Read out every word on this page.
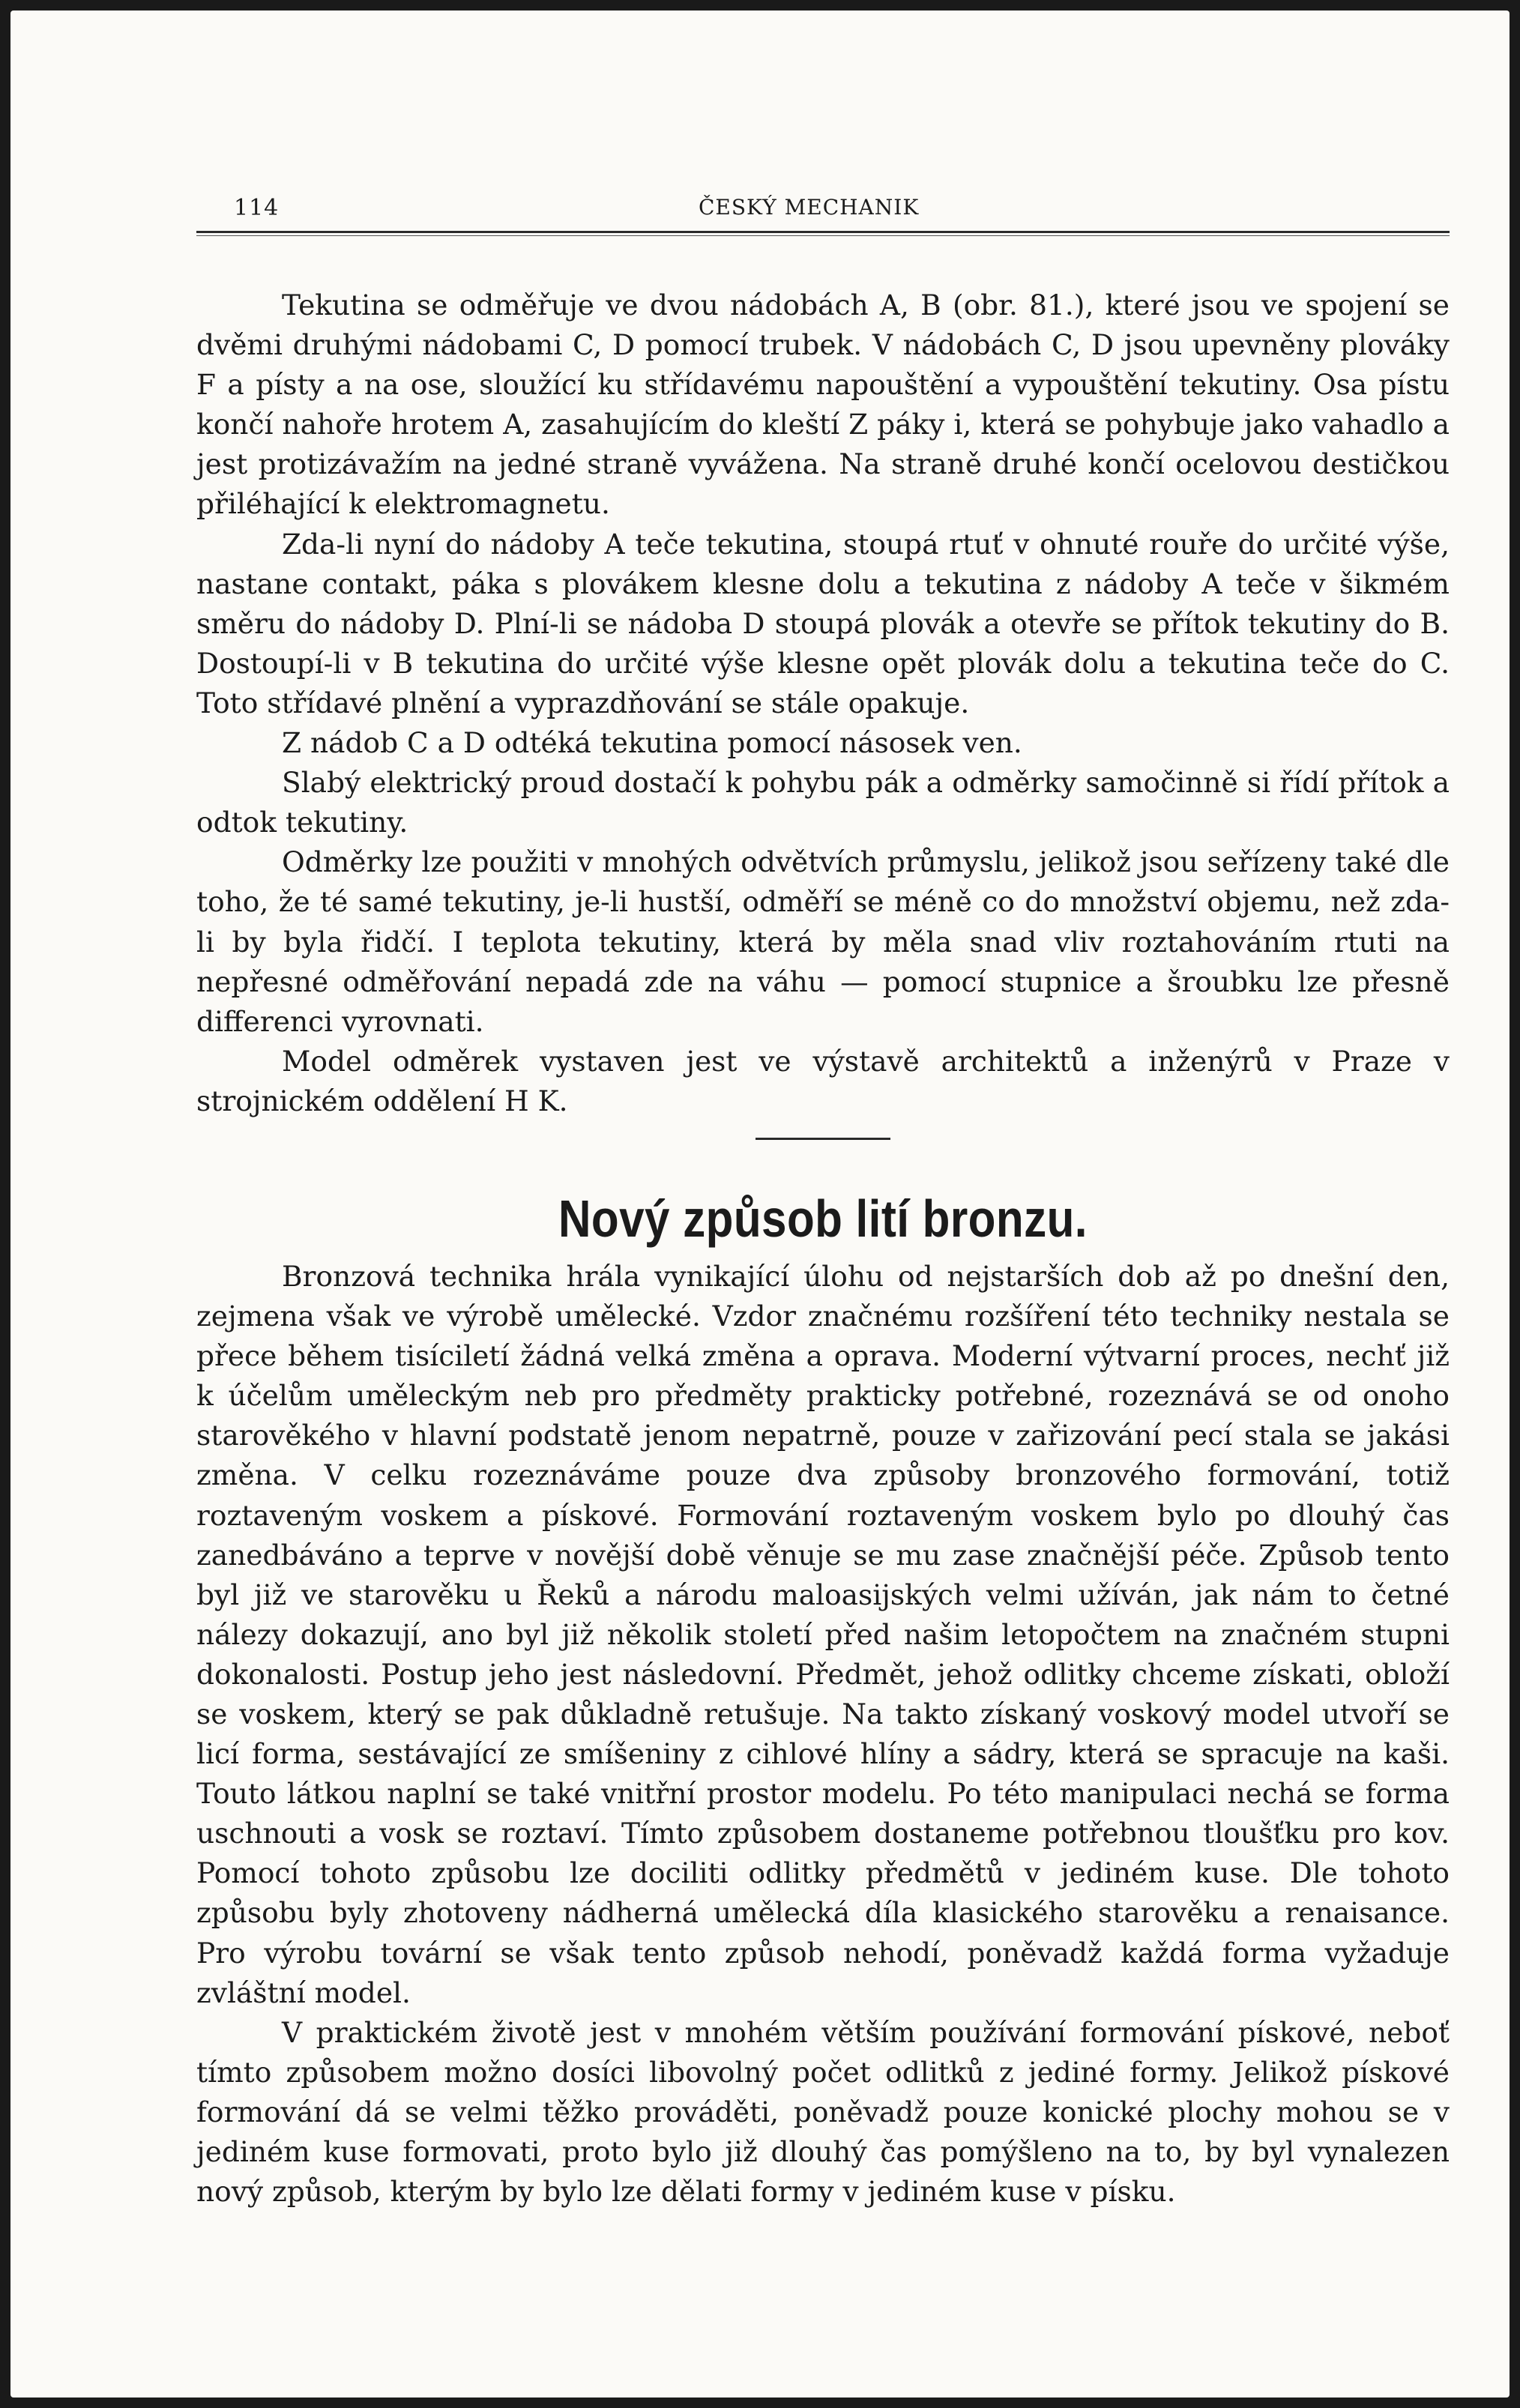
114	ČESKÝ MECHANIK

Tekutina se odměřuje ve dvou nádobách A, B (obr. 81.), které jsou ve spojení se dvěmi druhými nádobami C, D pomocí trubek. V nádobách C, D jsou upevněny plováky F a písty a na ose, sloužící ku střídavému napouštění a vypouštění tekutiny. Osa pístu končí nahoře hrotem A, zasahujícím do kleští Z páky i, která se pohybuje jako vahadlo a jest protizávažím na jedné straně vyvážena. Na straně druhé končí ocelovou destičkou přiléhající k elektromagnetu.

Zda-li nyní do nádoby A teče tekutina, stoupá rtuť v ohnuté rouře do určité výše, nastane contakt, páka s plovákem klesne dolu a tekutina z nádoby A teče v šikmém směru do nádoby D. Plní-li se nádoba D stoupá plovák a otevře se přítok tekutiny do B. Dostoupí-li v B tekutina do určité výše klesne opět plovák dolu a tekutina teče do C. Toto střídavé plnění a vyprazdňování se stále opakuje.

Z nádob C a D odtéká tekutina pomocí násosek ven.

Slabý elektrický proud dostačí k pohybu pák a odměrky samočinně si řídí přítok a odtok tekutiny.

Odměrky lze použiti v mnohých odvětvích průmyslu, jelikož jsou seřízeny také dle toho, že té samé tekutiny, je-li hustší, odměří se méně co do množství objemu, než zda-li by byla řidčí. I teplota tekutiny, která by měla snad vliv roztahováním rtuti na nepřesné odměřování nepadá zde na váhu — pomocí stupnice a šroubku lze přesně differenci vyrovnati.

Model odměrek vystaven jest ve výstavě architektů a inženýrů v Praze v strojnickém oddělení H K.

Nový způsob lití bronzu.

Bronzová technika hrála vynikající úlohu od nejstarších dob až po dnešní den, zejmena však ve výrobě umělecké. Vzdor značnému rozšíření této techniky nestala se přece během tisíciletí žádná velká změna a oprava. Moderní výtvarní proces, nechť již k účelům uměleckým neb pro předměty prakticky potřebné, rozeznává se od onoho starověkého v hlavní podstatě jenom nepatrně, pouze v zařizování pecí stala se jakási změna. V celku rozeznáváme pouze dva způsoby bronzového formování, totiž roztaveným voskem a pískové. Formování roztaveným voskem bylo po dlouhý čas zanedbáváno a teprve v novější době věnuje se mu zase značnější péče. Způsob tento byl již ve starověku u Řeků a národu maloasijských velmi užíván, jak nám to četné nálezy dokazují, ano byl již několik století před našim letopočtem na značném stupni dokonalosti. Postup jeho jest následovní. Předmět, jehož odlitky chceme získati, obloží se voskem, který se pak důkladně retušuje. Na takto získaný voskový model utvoří se licí forma, sestávající ze smíšeniny z cihlové hlíny a sádry, která se spracuje na kaši. Touto látkou naplní se také vnitřní prostor modelu. Po této manipulaci nechá se forma uschnouti a vosk se roztaví. Tímto způsobem dostaneme potřebnou tloušťku pro kov. Pomocí tohoto způsobu lze dociliti odlitky předmětů v jediném kuse. Dle tohoto způsobu byly zhotoveny nádherná umělecká díla klasického starověku a renaisance. Pro výrobu tovární se však tento způsob nehodí, poněvadž každá forma vyžaduje zvláštní model.

V praktickém životě jest v mnohém větším používání formování pískové, neboť tímto způsobem možno dosíci libovolný počet odlitků z jediné formy. Jelikož pískové formování dá se velmi těžko prováděti, poněvadž pouze konické plochy mohou se v jediném kuse formovati, proto bylo již dlouhý čas pomýšleno na to, by byl vynalezen nový způsob, kterým by bylo lze dělati formy v jediném kuse v písku.
